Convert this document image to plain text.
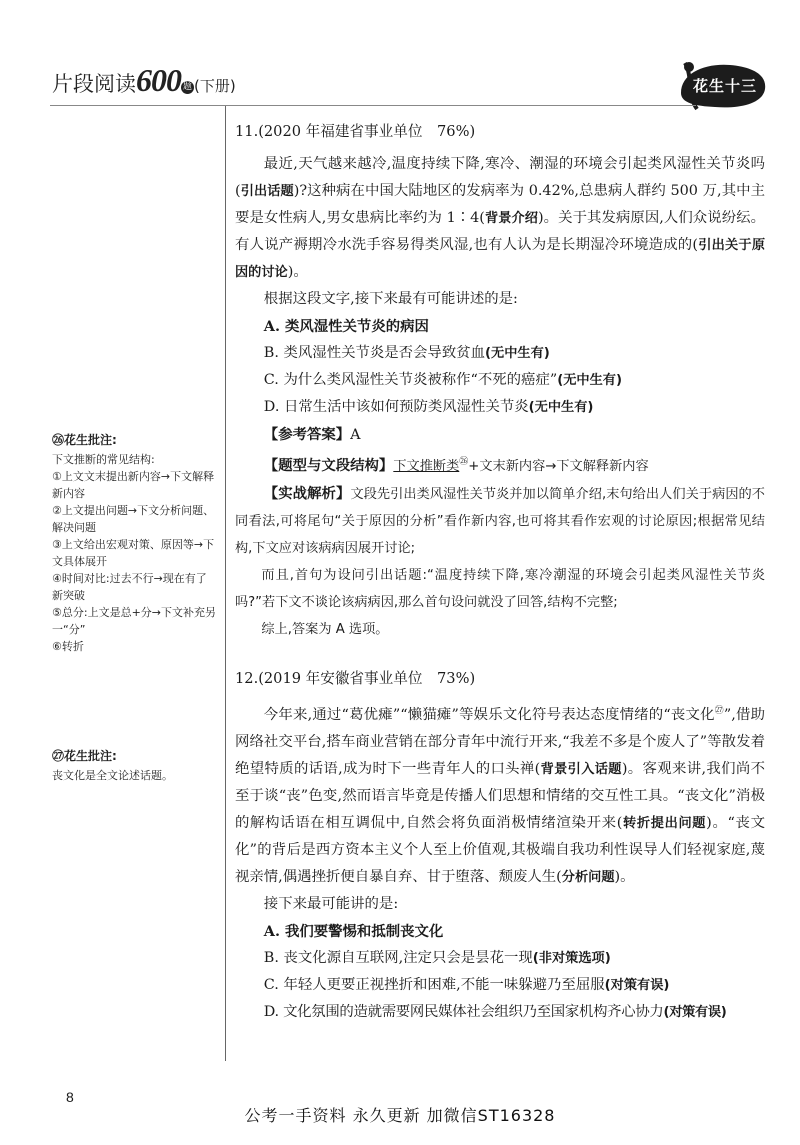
片段阅读600 题 (下册)	花生十三

11.(2020 年福建省事业单位　76%)

最近,天气越来越冷,温度持续下降,寒冷、潮湿的环境会引起类风湿性关节炎吗(引出话题)?这种病在中国大陆地区的发病率为 0.42%,总患病人群约 500 万,其中主要是女性病人,男女患病比率约为 1∶4(背景介绍)。关于其发病原因,人们众说纷纭。有人说产褥期冷水洗手容易得类风湿,也有人认为是长期湿冷环境造成的(引出关于原因的讨论)。

根据这段文字,接下来最有可能讲述的是:

A. 类风湿性关节炎的病因

B. 类风湿性关节炎是否会导致贫血(无中生有)

C. 为什么类风湿性关节炎被称作“不死的癌症”(无中生有)

D. 日常生活中该如何预防类风湿性关节炎(无中生有)

【参考答案】A

【题型与文段结构】下文推断类$^㉖$+文末新内容→下文解释新内容

【实战解析】文段先引出类风湿性关节炎并加以简单介绍,末句给出人们关于病因的不同看法,可将尾句“关于原因的分析”看作新内容,也可将其看作宏观的讨论原因;根据常见结构,下文应对该病病因展开讨论;

而且,首句为设问引出话题:“温度持续下降,寒冷潮湿的环境会引起类风湿性关节炎吗?”若下文不谈论该病病因,那么首句设问就没了回答,结构不完整;

综上,答案为 A 选项。

12.(2019 年安徽省事业单位　73%)

今年来,通过“葛优瘫”“懒猫瘫”等娱乐文化符号表达态度情绪的“丧文化$^㉗$”,借助网络社交平台,搭车商业营销在部分青年中流行开来,“我差不多是个废人了”等散发着绝望特质的话语,成为时下一些青年人的口头禅(背景引入话题)。客观来讲,我们尚不至于谈“丧”色变,然而语言毕竟是传播人们思想和情绪的交互性工具。“丧文化”消极的解构话语在相互调侃中,自然会将负面消极情绪渲染开来(转折提出问题)。“丧文化”的背后是西方资本主义个人至上价值观,其极端自我功利性误导人们轻视家庭,蔑视亲情,偶遇挫折便自暴自弃、甘于堕落、颓废人生(分析问题)。

接下来最可能讲的是:

A. 我们要警惕和抵制丧文化

B. 丧文化源自互联网,注定只会是昙花一现(非对策选项)

C. 年轻人更要正视挫折和困难,不能一味躲避乃至屈服(对策有误)

D. 文化氛围的造就需要网民媒体社会组织乃至国家机构齐心协力(对策有误)

㉖花生批注:

下文推断的常见结构:

①上文文末提出新内容→下文解释新内容

②上文提出问题→下文分析问题、解决问题

③上文给出宏观对策、原因等→下文具体展开

④时间对比:过去不行→现在有了新突破

⑤总分:上文是总+分→下文补充另一“分”

⑥转折

㉗花生批注:

丧文化是全文论述话题。

8
公考一手资料 永久更新 加微信ST16328
